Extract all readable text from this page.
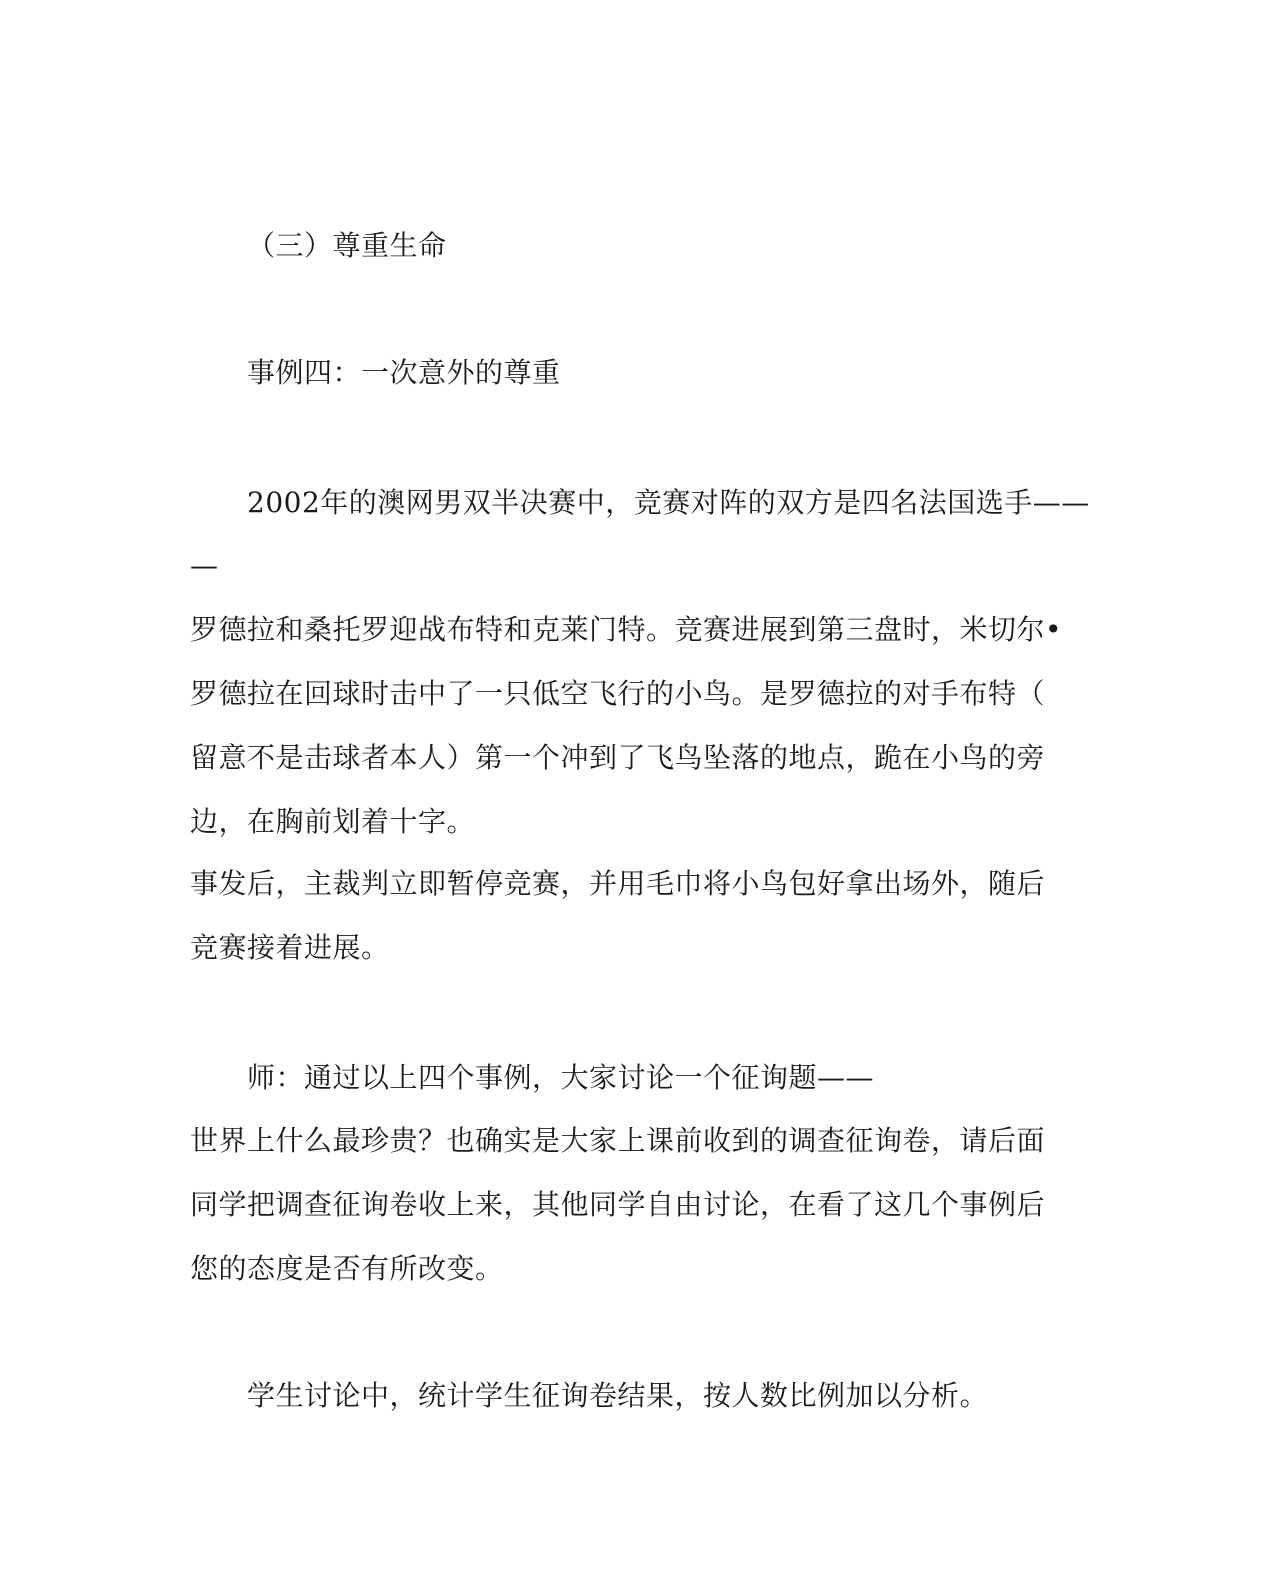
（三）尊重生命
事例四：一次意外的尊重
2002年的澳网男双半决赛中，竞赛对阵的双方是四名法国选手——
—
罗德拉和桑托罗迎战布特和克莱门特。竞赛进展到第三盘时，米切尔•
罗德拉在回球时击中了一只低空飞行的小鸟。是罗德拉的对手布特（
留意不是击球者本人）第一个冲到了飞鸟坠落的地点，跪在小鸟的旁
边，在胸前划着十字。
事发后，主裁判立即暂停竞赛，并用毛巾将小鸟包好拿出场外，随后
竞赛接着进展。
师：通过以上四个事例，大家讨论一个征询题——
世界上什么最珍贵？也确实是大家上课前收到的调查征询卷，请后面
同学把调查征询卷收上来，其他同学自由讨论，在看了这几个事例后
您的态度是否有所改变。
学生讨论中，统计学生征询卷结果，按人数比例加以分析。
